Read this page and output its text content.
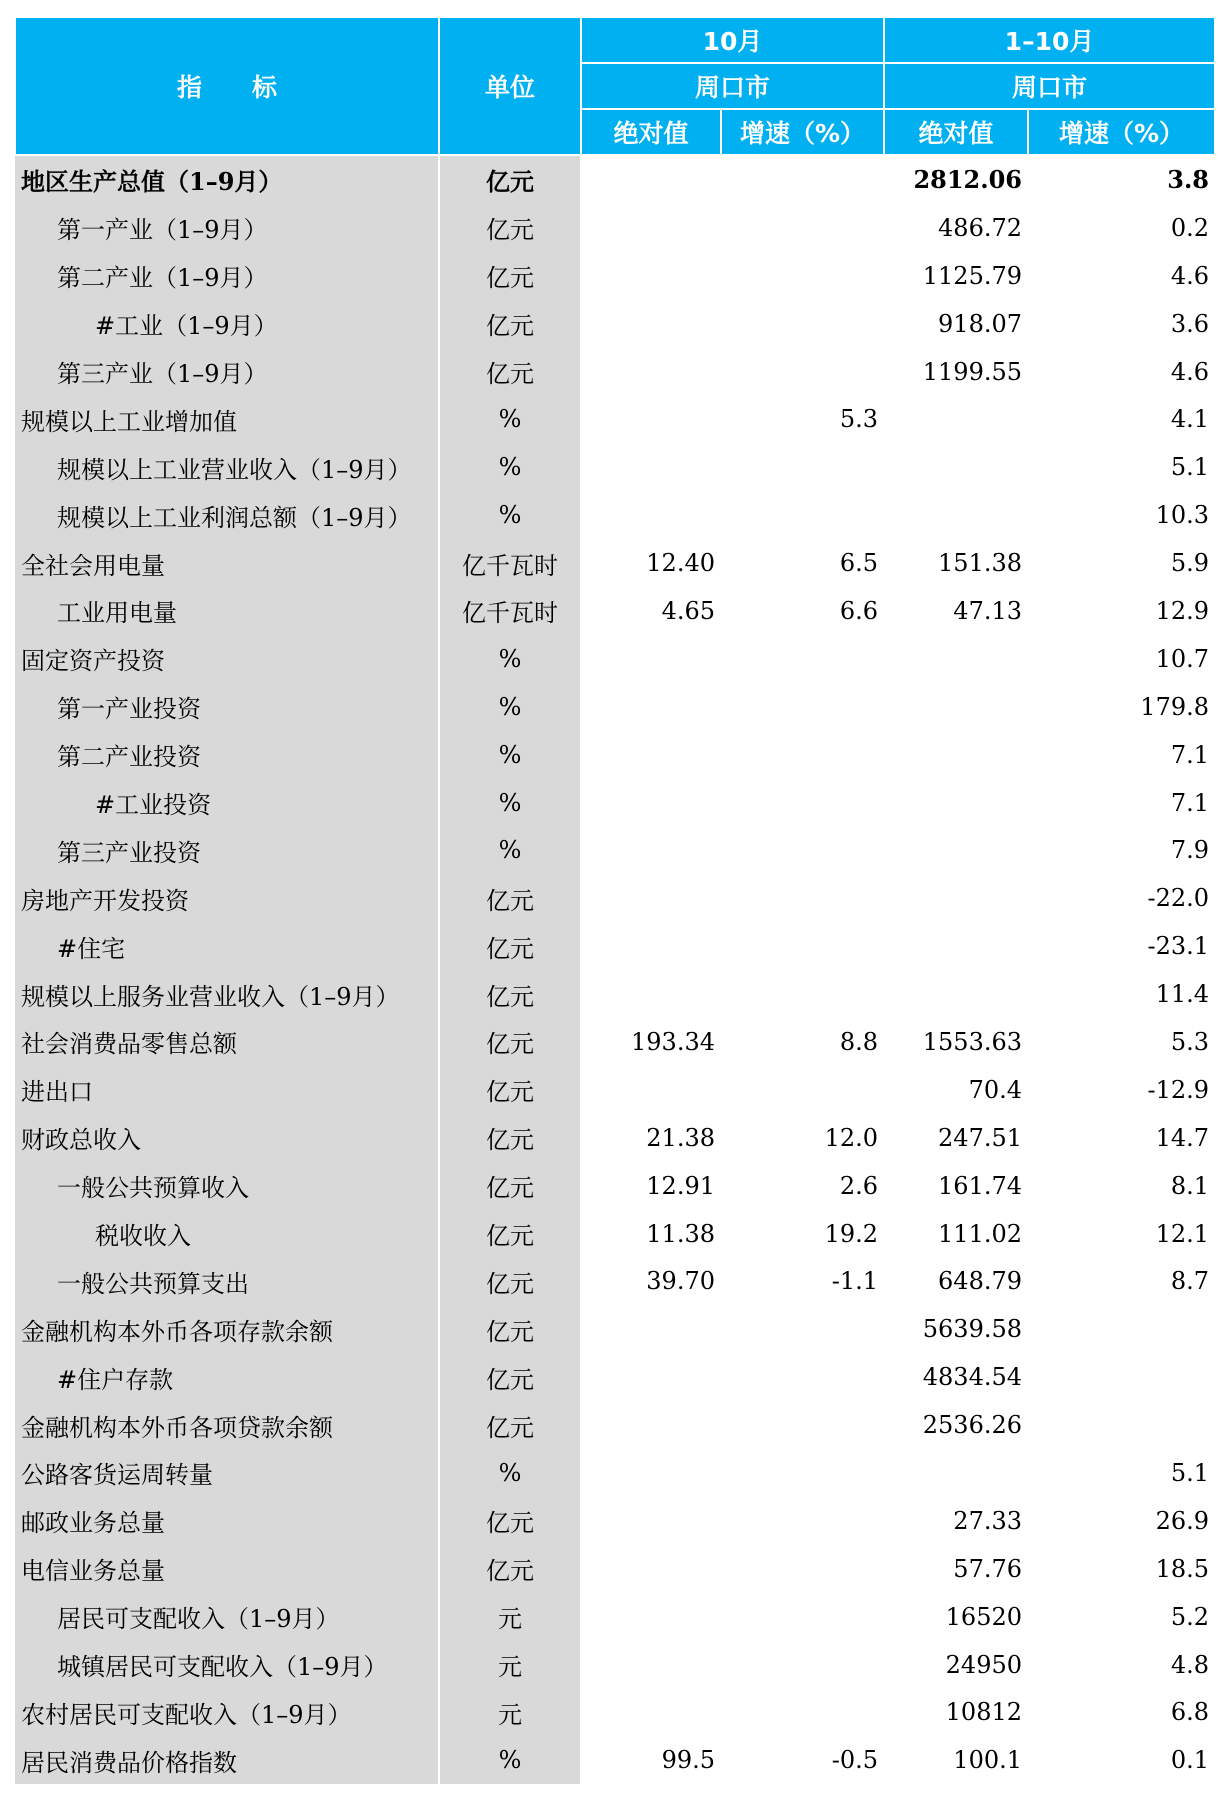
指　　标	单位	10月		1–10月	
		周口市		周口市	
		绝对值	增速（%）	绝对值	增速（%）
地区生产总值（1–9月）	亿元			2812.06	3.8
第一产业（1–9月）	亿元			486.72	0.2
第二产业（1–9月）	亿元			1125.79	4.6
#工业（1–9月）	亿元			918.07	3.6
第三产业（1–9月）	亿元			1199.55	4.6
规模以上工业增加值	%		5.3		4.1
规模以上工业营业收入（1–9月）	%				5.1
规模以上工业利润总额（1–9月）	%				10.3
全社会用电量	亿千瓦时	12.40	6.5	151.38	5.9
工业用电量	亿千瓦时	4.65	6.6	47.13	12.9
固定资产投资	%				10.7
第一产业投资	%				179.8
第二产业投资	%				7.1
#工业投资	%				7.1
第三产业投资	%				7.9
房地产开发投资	亿元				-22.0
#住宅	亿元				-23.1
规模以上服务业营业收入（1–9月）	亿元				11.4
社会消费品零售总额	亿元	193.34	8.8	1553.63	5.3
进出口	亿元			70.4	-12.9
财政总收入	亿元	21.38	12.0	247.51	14.7
一般公共预算收入	亿元	12.91	2.6	161.74	8.1
税收收入	亿元	11.38	19.2	111.02	12.1
一般公共预算支出	亿元	39.70	-1.1	648.79	8.7
金融机构本外币各项存款余额	亿元			5639.58	
#住户存款	亿元			4834.54	
金融机构本外币各项贷款余额	亿元			2536.26	
公路客货运周转量	%				5.1
邮政业务总量	亿元			27.33	26.9
电信业务总量	亿元			57.76	18.5
居民可支配收入（1–9月）	元			16520	5.2
城镇居民可支配收入（1–9月）	元			24950	4.8
农村居民可支配收入（1–9月）	元			10812	6.8
居民消费品价格指数	%	99.5	-0.5	100.1	0.1
